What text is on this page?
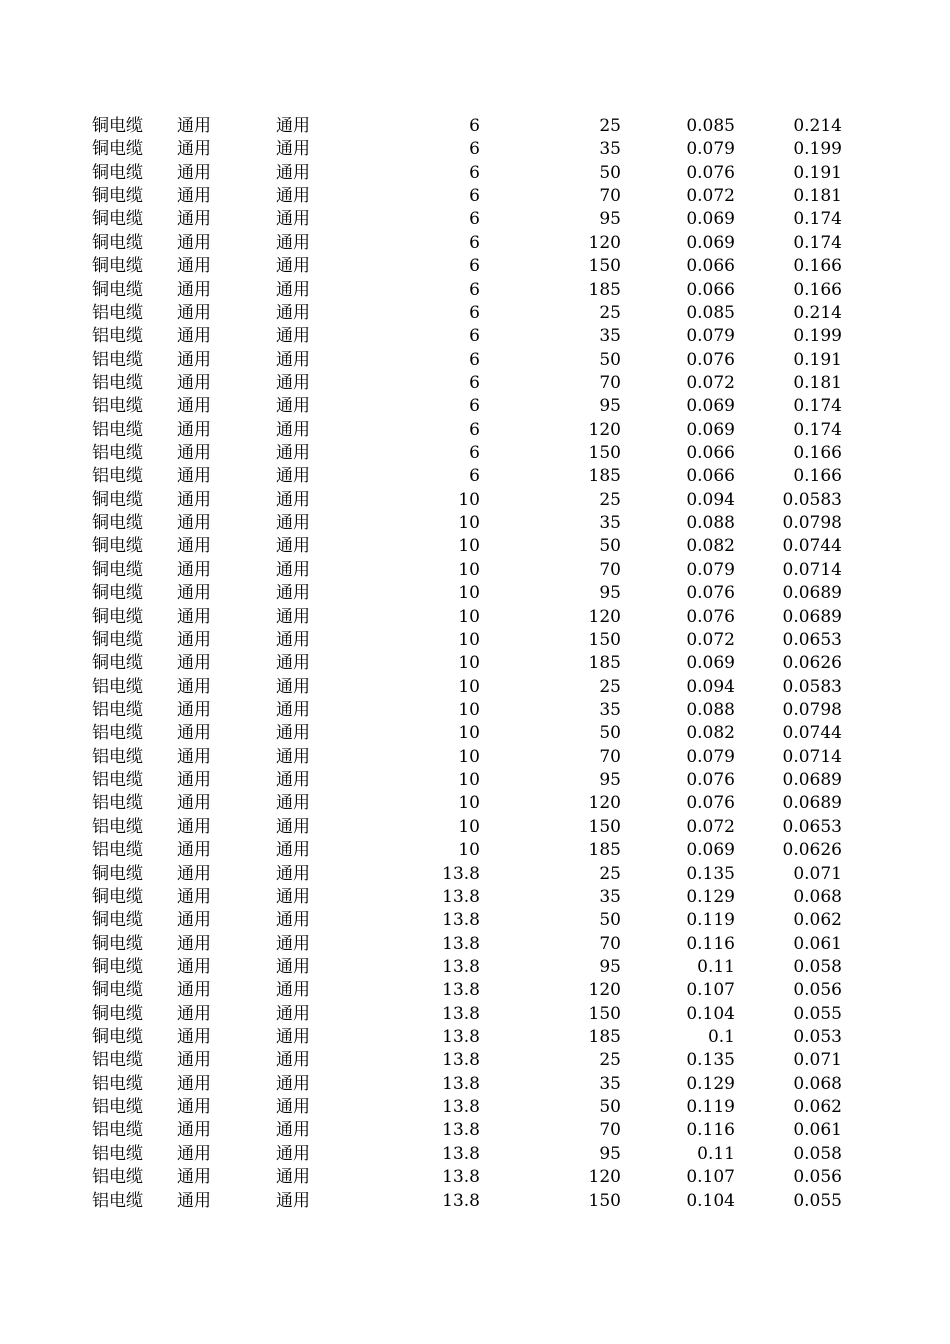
铜电缆 通用	通用	6	25	0.085	0.214
铜电缆 通用	通用	6	35	0.079	0.199
铜电缆 通用	通用	6	50	0.076	0.191
铜电缆 通用	通用	6	70	0.072	0.181
铜电缆 通用	通用	6	95	0.069	0.174
铜电缆 通用	通用	6	120	0.069	0.174
铜电缆 通用	通用	6	150	0.066	0.166
铜电缆 通用	通用	6	185	0.066	0.166
铝电缆 通用	通用	6	25	0.085	0.214
铝电缆 通用	通用	6	35	0.079	0.199
铝电缆 通用	通用	6	50	0.076	0.191
铝电缆 通用	通用	6	70	0.072	0.181
铝电缆 通用	通用	6	95	0.069	0.174
铝电缆 通用	通用	6	120	0.069	0.174
铝电缆 通用	通用	6	150	0.066	0.166
铝电缆 通用	通用	6	185	0.066	0.166
铜电缆 通用	通用	10	25	0.094	0.0583
铜电缆 通用	通用	10	35	0.088	0.0798
铜电缆 通用	通用	10	50	0.082	0.0744
铜电缆 通用	通用	10	70	0.079	0.0714
铜电缆 通用	通用	10	95	0.076	0.0689
铜电缆 通用	通用	10	120	0.076	0.0689
铜电缆 通用	通用	10	150	0.072	0.0653
铜电缆 通用	通用	10	185	0.069	0.0626
铝电缆 通用	通用	10	25	0.094	0.0583
铝电缆 通用	通用	10	35	0.088	0.0798
铝电缆 通用	通用	10	50	0.082	0.0744
铝电缆 通用	通用	10	70	0.079	0.0714
铝电缆 通用	通用	10	95	0.076	0.0689
铝电缆 通用	通用	10	120	0.076	0.0689
铝电缆 通用	通用	10	150	0.072	0.0653
铝电缆 通用	通用	10	185	0.069	0.0626
铜电缆 通用	通用	13.8	25	0.135	0.071
铜电缆 通用	通用	13.8	35	0.129	0.068
铜电缆 通用	通用	13.8	50	0.119	0.062
铜电缆 通用	通用	13.8	70	0.116	0.061
铜电缆 通用	通用	13.8	95	0.11	0.058
铜电缆 通用	通用	13.8	120	0.107	0.056
铜电缆 通用	通用	13.8	150	0.104	0.055
铜电缆 通用	通用	13.8	185	0.1	0.053
铝电缆 通用	通用	13.8	25	0.135	0.071
铝电缆 通用	通用	13.8	35	0.129	0.068
铝电缆 通用	通用	13.8	50	0.119	0.062
铝电缆 通用	通用	13.8	70	0.116	0.061
铝电缆 通用	通用	13.8	95	0.11	0.058
铝电缆 通用	通用	13.8	120	0.107	0.056
铝电缆 通用	通用	13.8	150	0.104	0.055
